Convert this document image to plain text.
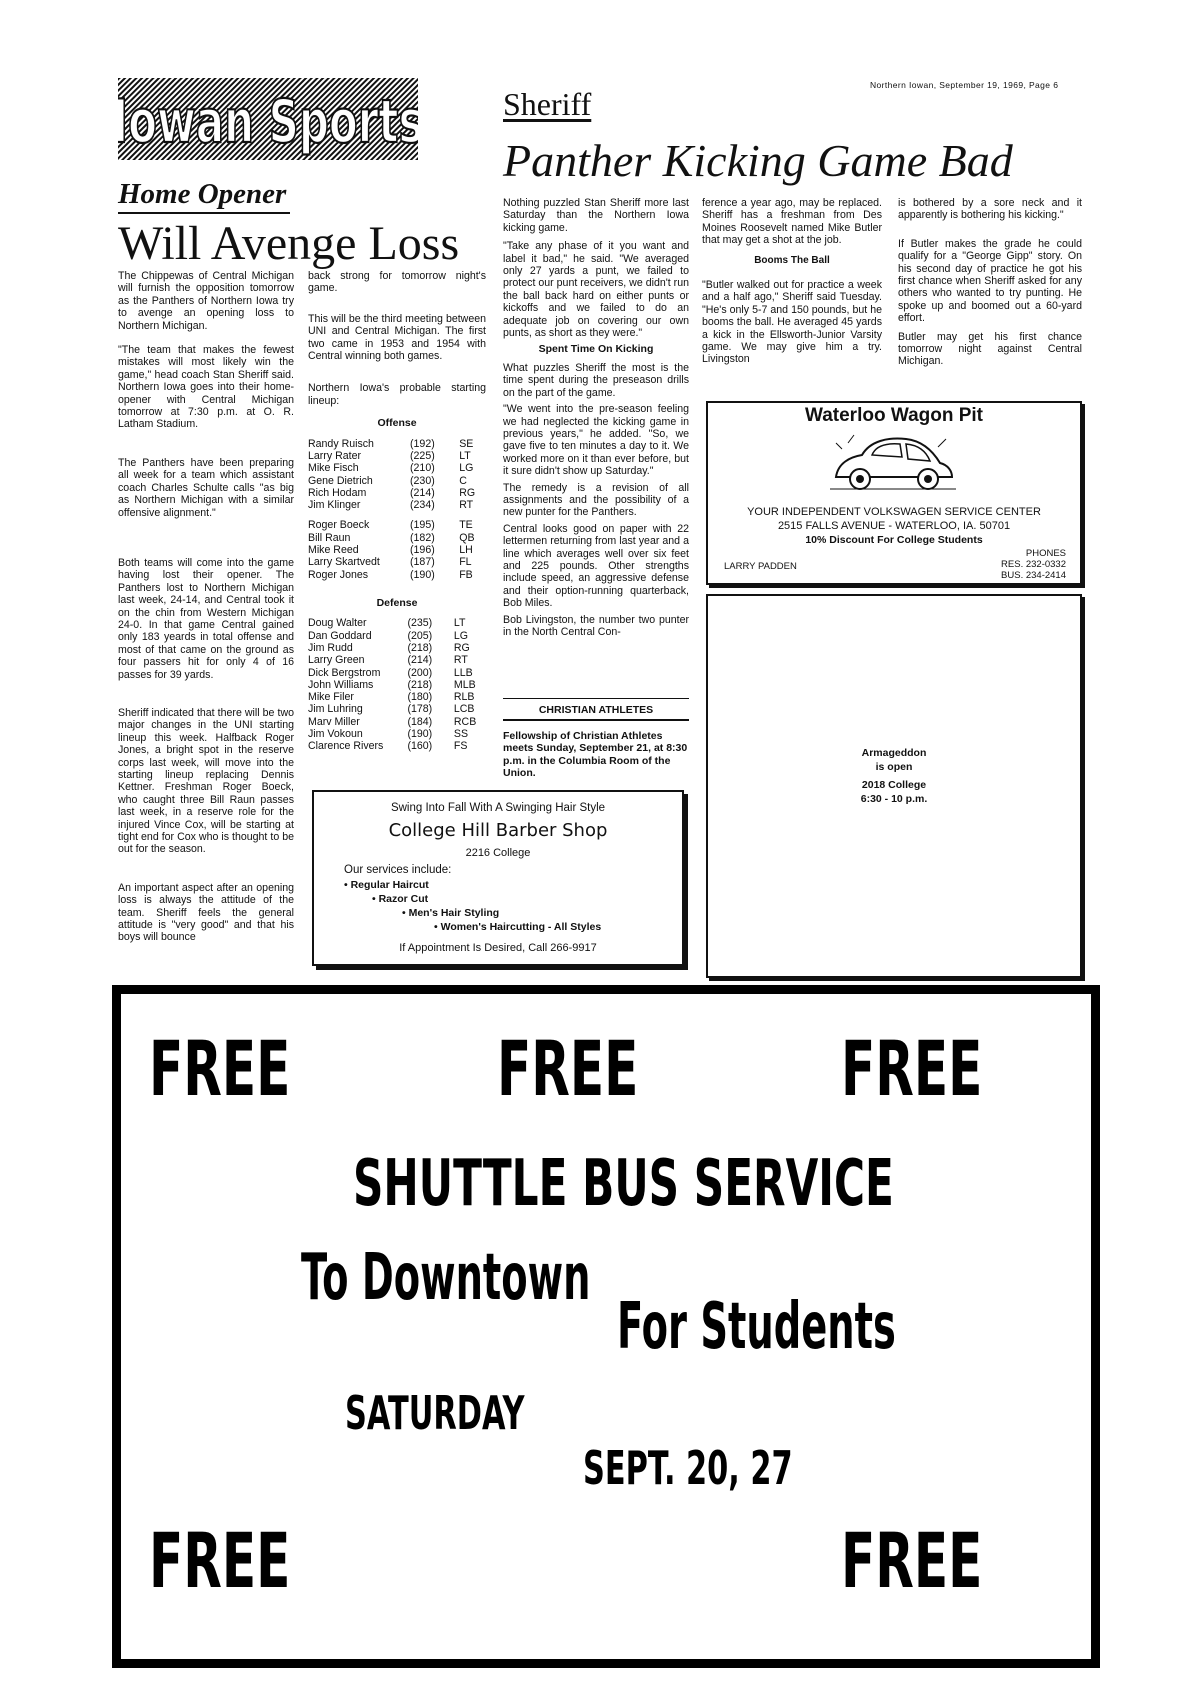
Northern Iowan, September 19, 1969, Page 6
Iowan Sports
Home Opener
Will Avenge Loss
Sheriff
Panther Kicking Game Bad

The Chippewas of Central Michigan will furnish the opposition tomorrow as the Panthers of Northern Iowa try to avenge an opening loss to Northern Michigan.

"The team that makes the fewest mistakes will most likely win the game," head coach Stan Sheriff said. Northern Iowa goes into their home-opener with Central Michigan tomorrow at 7:30 p.m. at O. R. Latham Stadium.

The Panthers have been preparing all week for a team which assistant coach Charles Schulte calls "as big as Northern Michigan with a similar offensive alignment."

Both teams will come into the game having lost their opener. The Panthers lost to Northern Michigan last week, 24-14, and Central took it on the chin from Western Michigan 24-0. In that game Central gained only 183 yeards in total offense and most of that came on the ground as four passers hit for only 4 of 16 passes for 39 yards.

Sheriff indicated that there will be two major changes in the UNI starting lineup this week. Halfback Roger Jones, a bright spot in the reserve corps last week, will move into the starting lineup replacing Dennis Kettner. Freshman Roger Boeck, who caught three Bill Raun passes last week, in a reserve role for the injured Vince Cox, will be starting at tight end for Cox who is thought to be out for the season.

An important aspect after an opening loss is always the attitude of the team. Sheriff feels the general attitude is "very good" and that his boys will bounce

back strong for tomorrow night's game.

This will be the third meeting between UNI and Central Michigan. The first two came in 1953 and 1954 with Central winning both games.

Northern Iowa's probable starting lineup:

Offense
Randy Ruisch	(192)	SE
Larry Rater	(225)	LT
Mike Fisch	(210)	LG
Gene Dietrich	(230)	C
Rich Hodam	(214)	RG
Jim Klinger	(234)	RT

Roger Boeck	(195)	TE
Bill Raun	(182)	QB
Mike Reed	(196)	LH
Larry Skartvedt	(187)	FL
Roger Jones	(190)	FB
Defense
Doug Walter	(235)	LT
Dan Goddard	(205)	LG
Jim Rudd	(218)	RG
Larry Green	(214)	RT
Dick Bergstrom	(200)	LLB
John Williams	(218)	MLB
Mike Filer	(180)	RLB
Jim Luhring	(178)	LCB
Marv Miller	(184)	RCB
Jim Vokoun	(190)	SS
Clarence Rivers	(160)	FS

Nothing puzzled Stan Sheriff more last Saturday than the Northern Iowa kicking game.

"Take any phase of it you want and label it bad," he said. "We averaged only 27 yards a punt, we failed to protect our punt receivers, we didn't run the ball back hard on either punts or kickoffs and we failed to do an adequate job on covering our own punts, as short as they were."

Spent Time On Kicking

What puzzles Sheriff the most is the time spent during the preseason drills on the part of the game.

"We went into the pre-season feeling we had neglected the kicking game in previous years," he added. "So, we gave five to ten minutes a day to it. We worked more on it than ever before, but it sure didn't show up Saturday."

The remedy is a revision of all assignments and the possibility of a new punter for the Panthers.

Central looks good on paper with 22 lettermen returning from last year and a line which averages well over six feet and 225 pounds. Other strengths include speed, an aggressive defense and their option-running quarterback, Bob Miles.

Bob Livingston, the number two punter in the North Central Con-

CHRISTIAN ATHLETES
Fellowship of Christian Athletes meets Sunday, September 21, at 8:30 p.m. in the Columbia Room of the Union.

ference a year ago, may be replaced. Sheriff has a freshman from Des Moines Roosevelt named Mike Butler that may get a shot at the job.

Booms The Ball

"Butler walked out for practice a week and a half ago," Sheriff said Tuesday. "He's only 5-7 and 150 pounds, but he booms the ball. He averaged 45 yards a kick in the Ellsworth-Junior Varsity game. We may give him a try. Livingston

is bothered by a sore neck and it apparently is bothering his kicking."

If Butler makes the grade he could qualify for a "George Gipp" story. On his second day of practice he got his first chance when Sheriff asked for any others who wanted to try punting. He spoke up and boomed out a 60-yard effort.

Butler may get his first chance tomorrow night against Central Michigan.

Waterloo Wagon Pit
YOUR INDEPENDENT VOLKSWAGEN SERVICE CENTER
2515 FALLS AVENUE - WATERLOO, IA. 50701
10% Discount For College Students
PHONES
LARRY PADDEN	RES. 232-0332
BUS. 234-2414
Armageddon
is open
2018 College
6:30 - 10 p.m.
Swing Into Fall With A Swinging Hair Style
College Hill Barber Shop
2216 College
Our services include:
• Regular Haircut
• Razor Cut
• Men's Hair Styling
• Women's Haircutting - All Styles
If Appointment Is Desired, Call 266-9917
FREE	FREE	FREE
SHUTTLE BUS SERVICE
To Downtown
For Students
SATURDAY
SEPT. 20, 27
FREE	FREE
